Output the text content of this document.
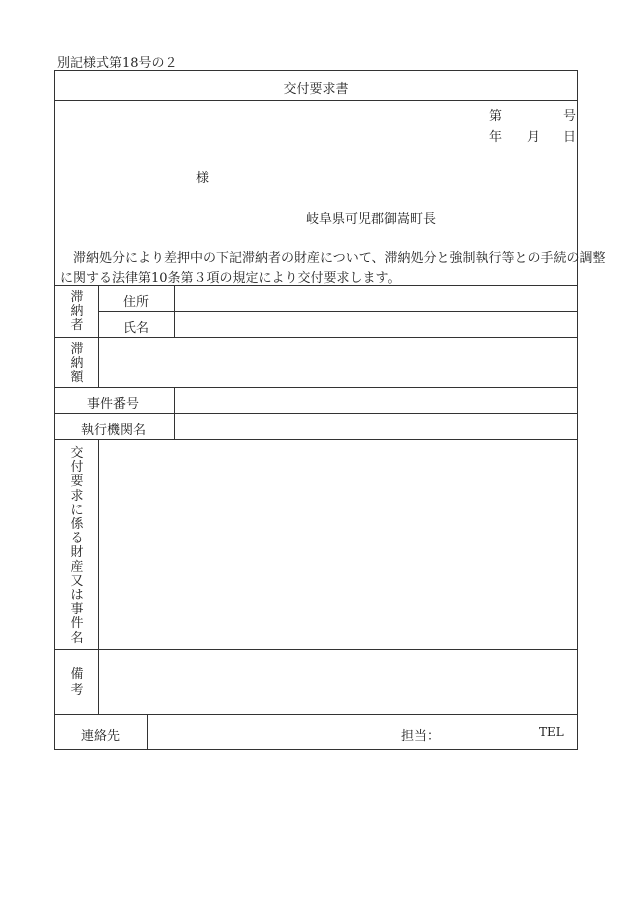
別記様式第18号の２
交付要求書
第	号
年 月 日
様
岐阜県可児郡御嵩町長
滞納処分により差押中の下記滞納者の財産について、滞納処分と強制執行等との手続の調整
に関する法律第10条第３項の規定により交付要求します。
滞
納
者
住所
氏名
滞
納
額
事件番号
執行機関名
交
付
要
求
に
係
る
財
産
又
は
事
件
名
備
考
連絡先	担当：	TEL
